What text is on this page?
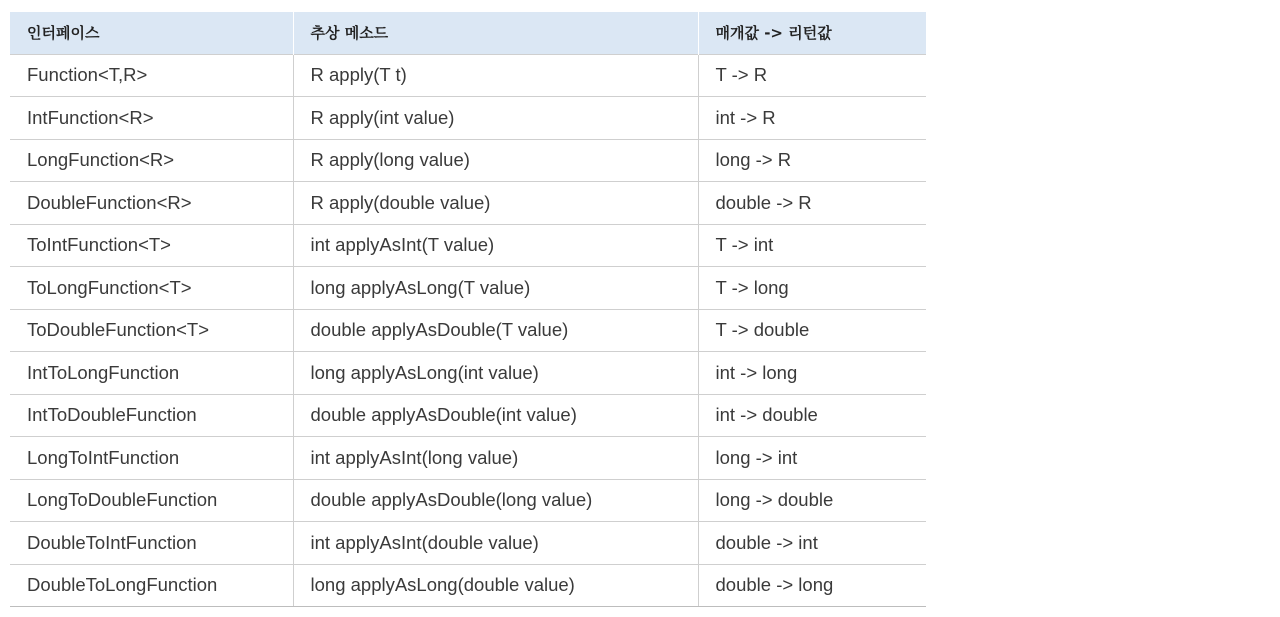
인터페이스	추상 메소드	매개값 -> 리턴값
Function<T,R>	R apply(T t)	T -> R
IntFunction<R>	R apply(int value)	int -> R
LongFunction<R>	R apply(long value)	long -> R
DoubleFunction<R>	R apply(double value)	double -> R
ToIntFunction<T>	int applyAsInt(T value)	T -> int
ToLongFunction<T>	long applyAsLong(T value)	T -> long
ToDoubleFunction<T>	double applyAsDouble(T value)	T -> double
IntToLongFunction	long applyAsLong(int value)	int -> long
IntToDoubleFunction	double applyAsDouble(int value)	int -> double
LongToIntFunction	int applyAsInt(long value)	long -> int
LongToDoubleFunction	double applyAsDouble(long value)	long -> double
DoubleToIntFunction	int applyAsInt(double value)	double -> int
DoubleToLongFunction	long applyAsLong(double value)	double -> long
